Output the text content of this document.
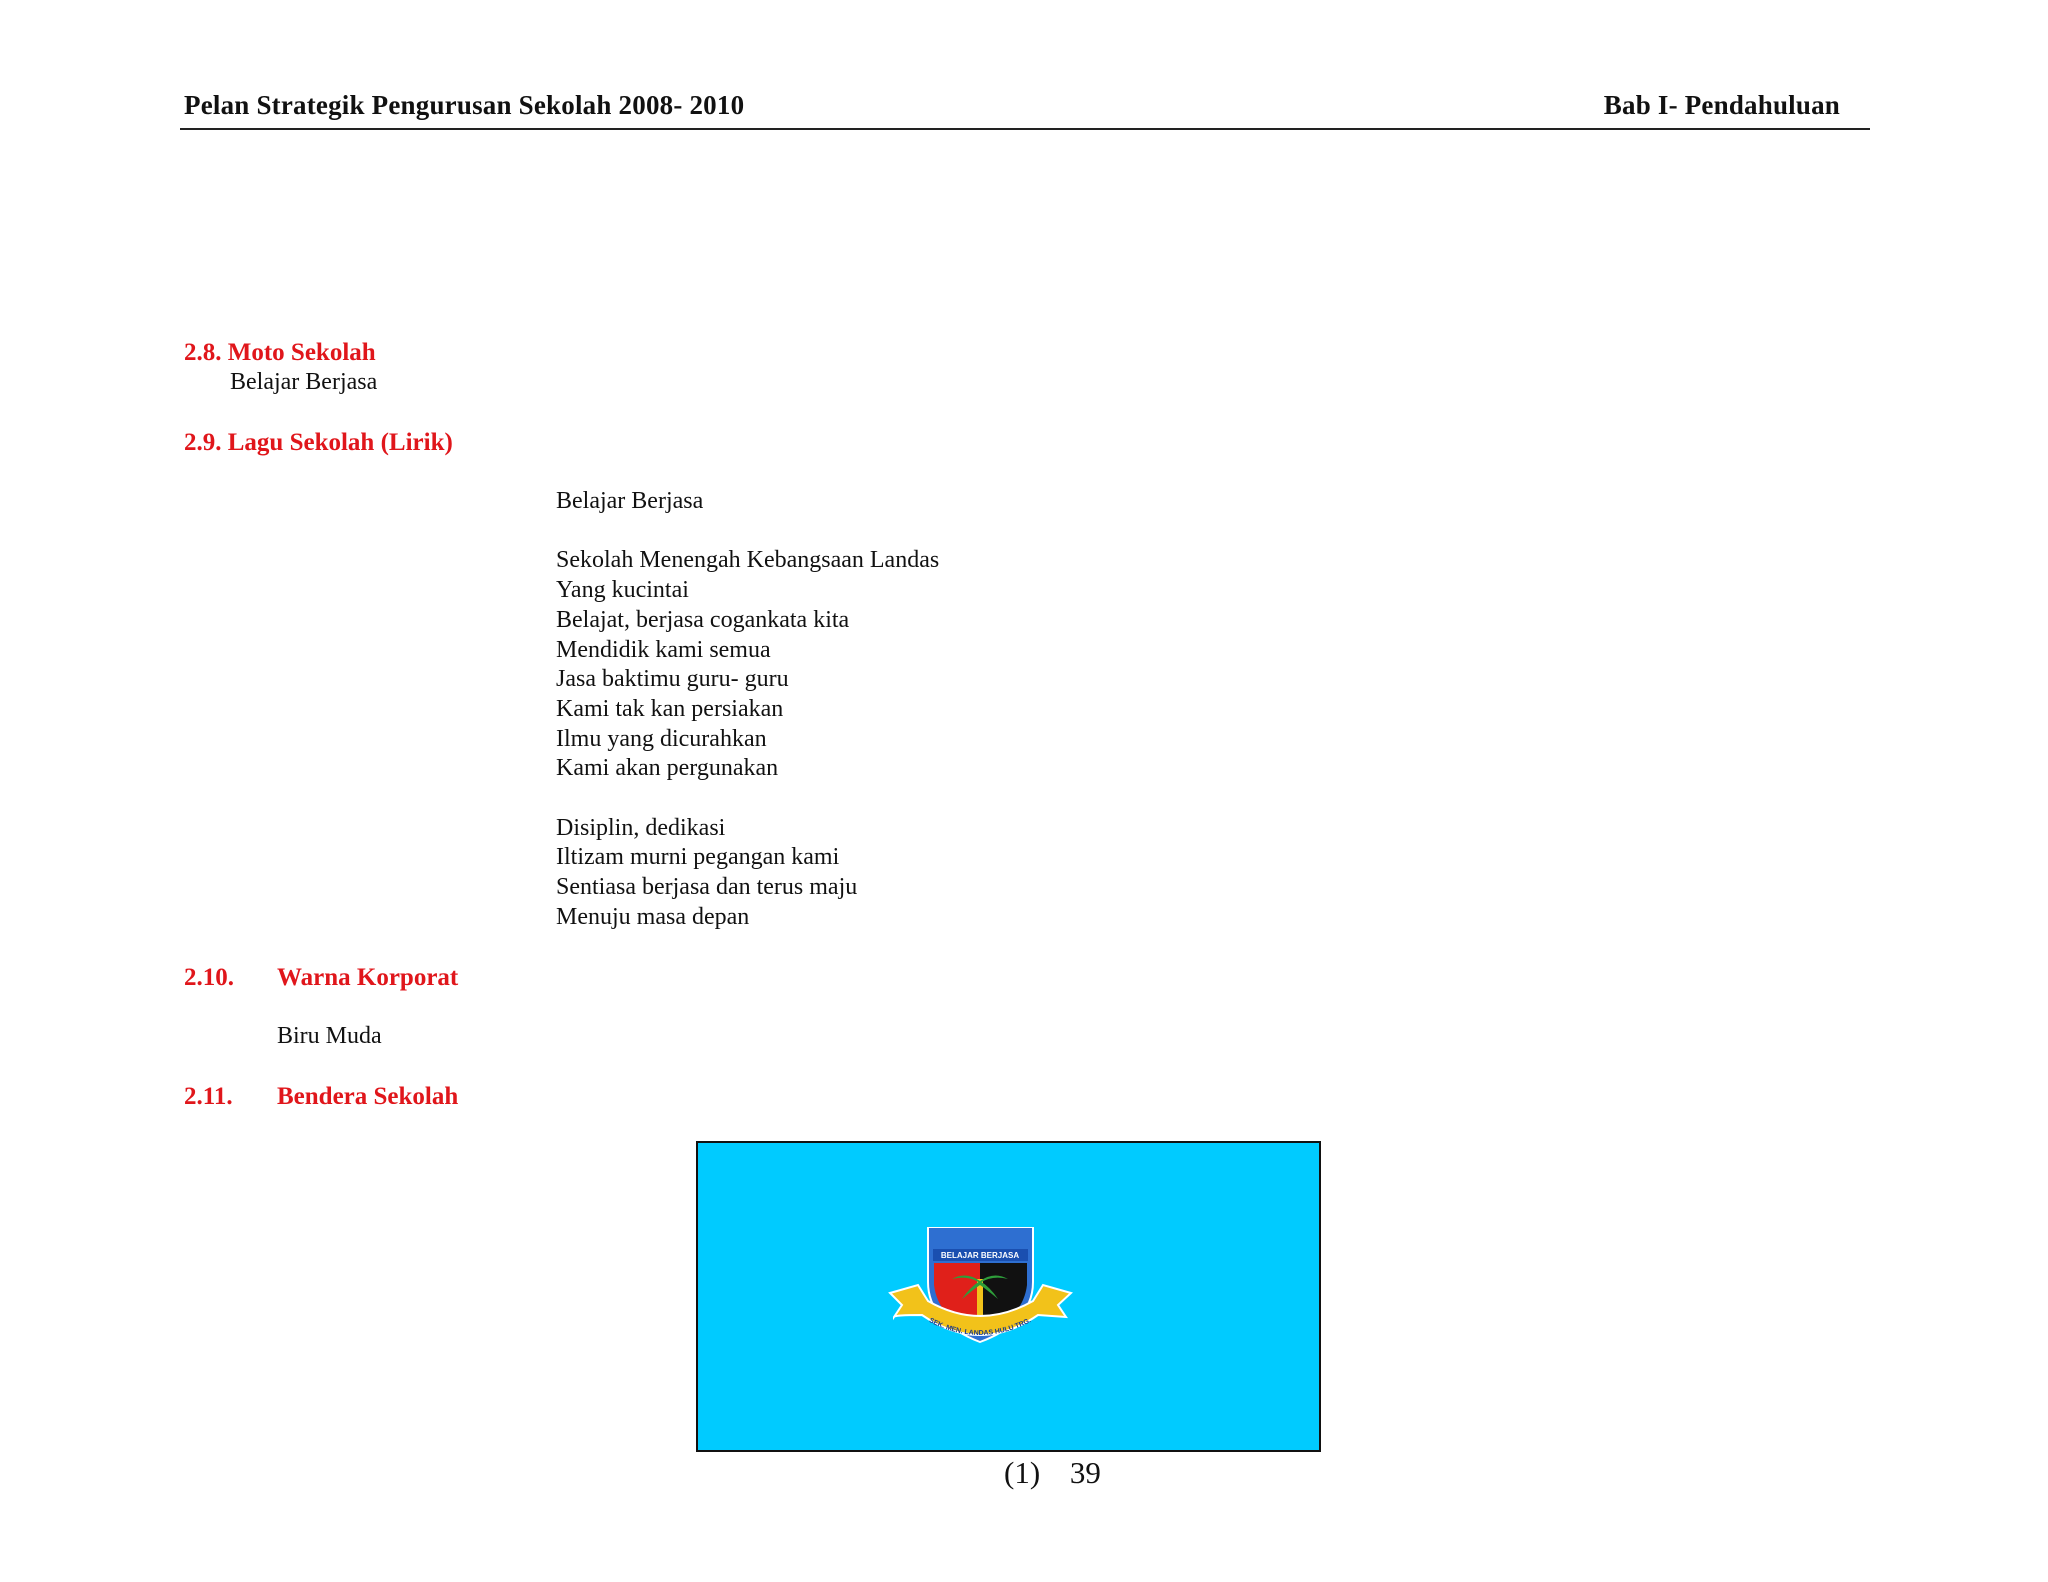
Pelan Strategik Pengurusan Sekolah 2008- 2010	Bab I- Pendahuluan
2.8. Moto Sekolah
Belajar Berjasa
2.9. Lagu Sekolah (Lirik)
Belajar Berjasa
Sekolah Menengah Kebangsaan Landas
Yang kucintai
Belajat, berjasa cogankata kita
Mendidik kami semua
Jasa baktimu guru- guru
Kami tak kan persiakan
Ilmu yang dicurahkan
Kami akan pergunakan
Disiplin, dedikasi
Iltizam murni pegangan kami
Sentiasa berjasa dan terus maju
Menuju masa depan
2.10. Warna Korporat
Biru Muda
2.11. Bendera Sekolah
BELAJAR BERJASA
SEK. MEN. LANDAS HULU TRG.
(1) 39
